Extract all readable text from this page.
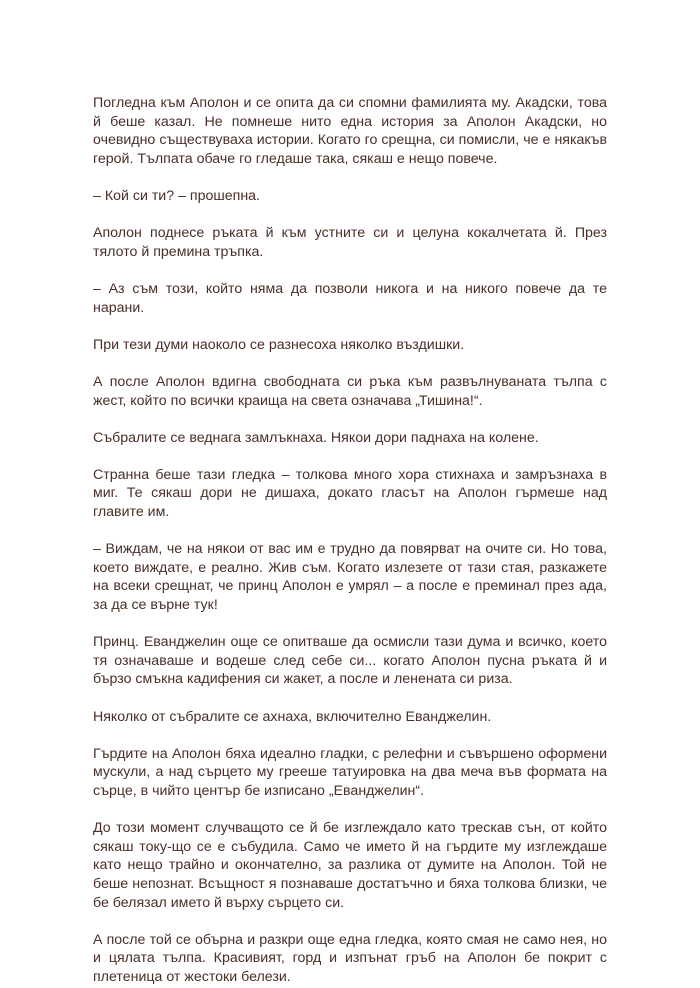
Погледна към Аполон и се опита да си спомни фамилията му. Акадски, това й беше казал. Не помнеше нито една история за Аполон Акадски, но очевидно съществуваха истории. Когато го срещна, си помисли, че е някакъв герой. Тълпата обаче го гледаше така, сякаш е нещо повече.

– Кой си ти? – прошепна.

Аполон поднесе ръката й към устните си и целуна кокалчетата й. През тялото й премина тръпка.

– Аз съм този, който няма да позволи никога и на никого повече да те нарани.

При тези думи наоколо се разнесоха няколко въздишки.

А после Аполон вдигна свободната си ръка към развълнуваната тълпа с жест, който по всички краища на света означава „Тишина!“.

Събралите се веднага замлъкнаха. Някои дори паднаха на колене.

Странна беше тази гледка – толкова много хора стихнаха и замръзнаха в миг. Те сякаш дори не дишаха, докато гласът на Аполон гърмеше над главите им.

– Виждам, че на някои от вас им е трудно да повярват на очите си. Но това, което виждате, е реално. Жив съм. Когато излезете от тази стая, разкажете на всеки срещнат, че принц Аполон е умрял – а после е преминал през ада, за да се върне тук!

Принц. Еванджелин още се опитваше да осмисли тази дума и всичко, което тя означаваше и водеше след себе си... когато Аполон пусна ръката й и бързо смъкна кадифения си жакет, а после и ленената си риза.

Няколко от събралите се ахнаха, включително Еванджелин.

Гърдите на Аполон бяха идеално гладки, с релефни и съвършено оформени мускули, а над сърцето му грееше татуировка на два меча във формата на сърце, в чийто център бе изписано „Еванджелин“.

До този момент случващото се й бе изглеждало като трескав сън, от който сякаш току-що се е събудила. Само че името й на гърдите му изглеждаше като нещо трайно и окончателно, за разлика от думите на Аполон. Той не беше непознат. Всъщност я познаваше достатъчно и бяха толкова близки, че бе белязал името й върху сърцето си.

А после той се обърна и разкри още една гледка, която смая не само нея, но и цялата тълпа. Красивият, горд и изпънат гръб на Аполон бе покрит с плетеница от жестоки белези.
